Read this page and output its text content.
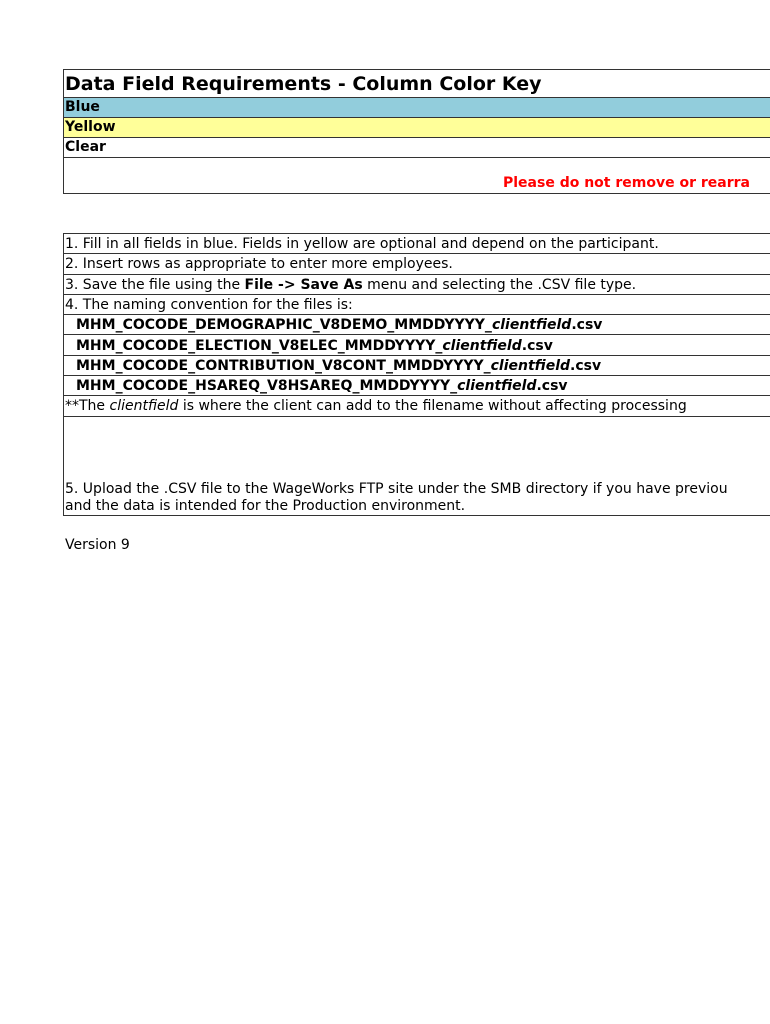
Data Field Requirements - Column Color Key
Blue
Yellow
Clear
Please do not remove or rearra
1. Fill in all fields in blue. Fields in yellow are optional and depend on the participant.
2. Insert rows as appropriate to enter more employees.
3. Save the file using the File -> Save As menu and selecting the .CSV file type.
4. The naming convention for the files is:
MHM_COCODE_DEMOGRAPHIC_V8DEMO_MMDDYYYY_clientfield.csv
MHM_COCODE_ELECTION_V8ELEC_MMDDYYYY_clientfield.csv
MHM_COCODE_CONTRIBUTION_V8CONT_MMDDYYYY_clientfield.csv
MHM_COCODE_HSAREQ_V8HSAREQ_MMDDYYYY_clientfield.csv
**The clientfield is where the client can add to the filename without affecting processing
5. Upload the .CSV file to the WageWorks FTP site under the SMB directory if you have previou
and the data is intended for the Production environment.
Version 9
